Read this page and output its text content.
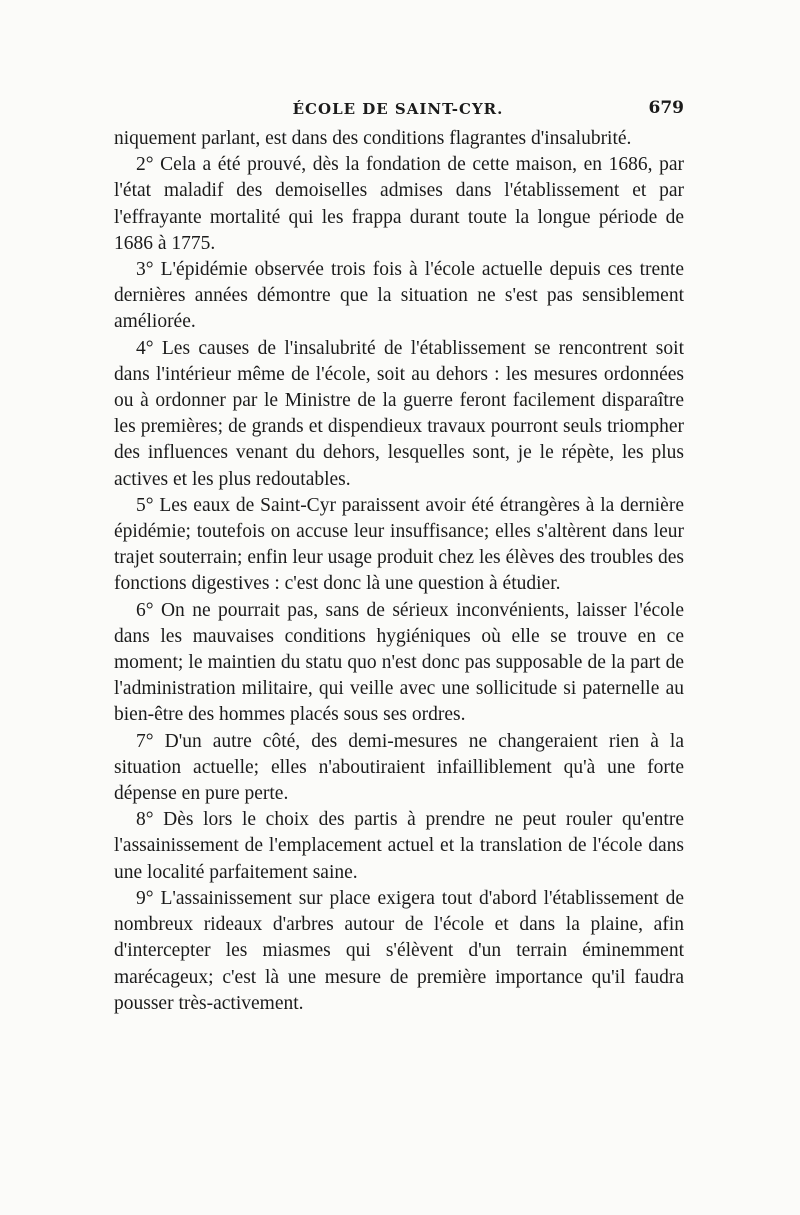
ÉCOLE DE SAINT-CYR.	679

niquement parlant, est dans des conditions flagrantes d'insalubrité.

2° Cela a été prouvé, dès la fondation de cette maison, en 1686, par l'état maladif des demoiselles admises dans l'établissement et par l'effrayante mortalité qui les frappa durant toute la longue période de 1686 à 1775.

3° L'épidémie observée trois fois à l'école actuelle depuis ces trente dernières années démontre que la situation ne s'est pas sensiblement améliorée.

4° Les causes de l'insalubrité de l'établissement se rencontrent soit dans l'intérieur même de l'école, soit au dehors : les mesures ordonnées ou à ordonner par le Ministre de la guerre feront facilement disparaître les premières; de grands et dispendieux travaux pourront seuls triompher des influences venant du dehors, lesquelles sont, je le répète, les plus actives et les plus redoutables.

5° Les eaux de Saint-Cyr paraissent avoir été étrangères à la dernière épidémie; toutefois on accuse leur insuffisance; elles s'altèrent dans leur trajet souterrain; enfin leur usage produit chez les élèves des troubles des fonctions digestives : c'est donc là une question à étudier.

6° On ne pourrait pas, sans de sérieux inconvénients, laisser l'école dans les mauvaises conditions hygiéniques où elle se trouve en ce moment; le maintien du statu quo n'est donc pas supposable de la part de l'administration militaire, qui veille avec une sollicitude si paternelle au bien-être des hommes placés sous ses ordres.

7° D'un autre côté, des demi-mesures ne changeraient rien à la situation actuelle; elles n'aboutiraient infailliblement qu'à une forte dépense en pure perte.

8° Dès lors le choix des partis à prendre ne peut rouler qu'entre l'assainissement de l'emplacement actuel et la translation de l'école dans une localité parfaitement saine.

9° L'assainissement sur place exigera tout d'abord l'établissement de nombreux rideaux d'arbres autour de l'école et dans la plaine, afin d'intercepter les miasmes qui s'élèvent d'un terrain éminemment marécageux; c'est là une mesure de première importance qu'il faudra pousser très-activement.
